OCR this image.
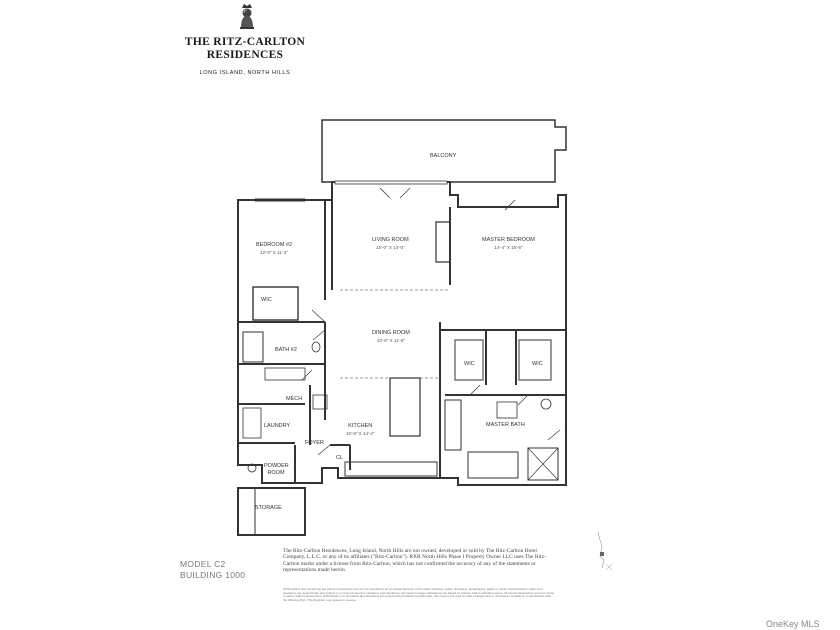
THE RITZ-CARLTON
RESIDENCES
LONG ISLAND, NORTH HILLS
BALCONY
BEDROOM #2
12'-0" X 11'-2"
LIVING ROOM
15'-0" X 14'-0"
MASTER BEDROOM
14'-4" X 16'-6"
WIC
DINING ROOM
13'-6" X 11'-9"
BATH #2
WIC	WIC
MECH
LAUNDRY	KITCHEN
16'-8" X 14'-4"
MASTER BATH
FOYER
CL
POWDER ROOM
STORAGE
MODEL C2
BUILDING 1000
The Ritz-Carlton Residences, Long Island, North Hills are not owned, developed or sold by The Ritz-Carlton Hotel Company, L.L.C. or any of its affiliates ("Ritz-Carlton"). RXR North Hills Phase I Property Owner LLC uses The Ritz-Carlton marks under a license from Ritz-Carlton, which has not confirmed the accuracy of any of the statements or representations made herein.
All floorplans and renderings are artist's conceptions and are not intended to be an actual depiction of the walls, windows, walks, driveways, landscaping, patios or decks. All dimensions, plans and elevations are approximate and subject to normal construction variations and tolerances. All square footage calculations are based on exterior wall to wall dimensions. All interior dimensions are from center to wall to wall measurements. RXR Realty LLC floorplans and elevations are protected by Federal copyright laws. We reserve the right to make changes due to unforeseen conditions, in accordance with the Offering Plan. This floorplan may appear in reverse.
OneKey MLS
